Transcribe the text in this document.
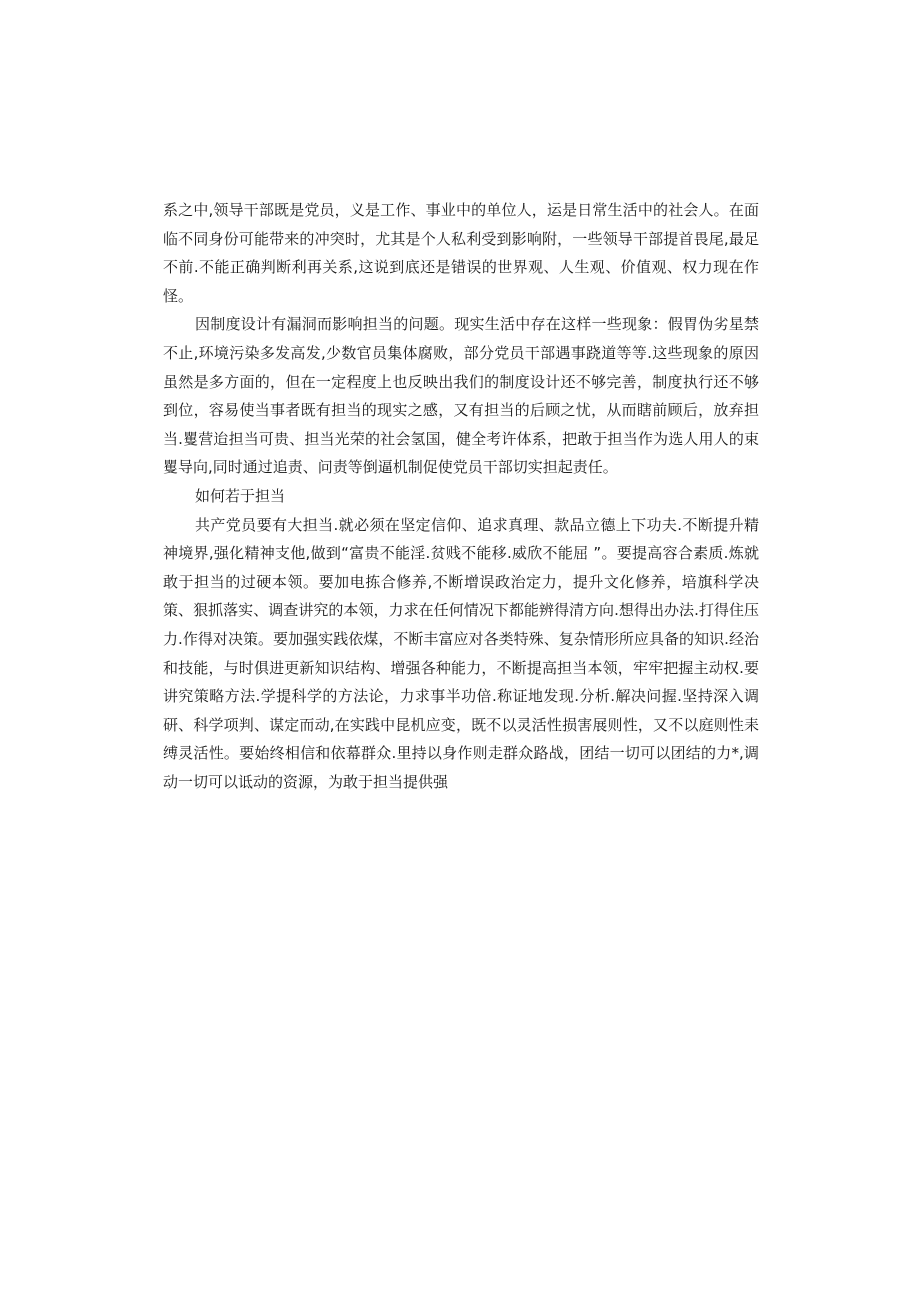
系之中,领导干部既是党员，义是工作、事业中的单位人，运是日常生活中的社会人。在面临不同身份可能带来的冲突时，尤其是个人私利受到影响附，一些领导干部提首畏尾,最足不前.不能正确判断利再关系,这说到底还是错误的世界观、人生观、价值观、权力现在作怪。

因制度设计有漏洞而影响担当的问题。现实生活中存在这样一些现象：假胃伪劣星禁不止,环境污染多发高发,少数官员集体腐败，部分党员干部遇事跷道等等.这些现象的原因虽然是多方面的，但在一定程度上也反映出我们的制度设计还不够完善，制度执行还不够到位，容易使当事者既有担当的现实之感，又有担当的后顾之忧，从而瞎前顾后，放弃担当.矍营迨担当可贵、担当光荣的社会氢国，健全考许体系，把敢于担当作为选人用人的束矍导向,同时通过追责、问责等倒逼机制促使党员干部切实担起责任。

如何若于担当

共产党员要有大担当.就必须在坚定信仰、追求真理、款品立德上下功夫.不断提升精神境界,强化精神支他,做到“富贵不能淫.贫贱不能移.威欣不能屈 ”。要提高容合素质.炼就敢于担当的过硬本领。要加电拣合修养,不断增误政治定力，提升文化修养，培旗科学决策、狠抓落实、调查讲究的本领，力求在任何情况下都能辨得清方向.想得出办法.打得住压力.作得对决策。要加强实践依煤，不断丰富应对各类特殊、复杂情形所应具备的知识.经治和技能，与时俱进更新知识结构、增强各种能力，不断提高担当本领，牢牢把握主动权.要讲究策略方法.学提科学的方法论，力求事半功倍.称证地发现.分析.解决问握.坚持深入调研、科学项判、谋定而动,在实践中昆机应变，既不以灵活性损害展则性，又不以庭则性耒缚灵活性。要始终相信和依幕群众.里持以身作则走群众路战，团结一切可以团结的力*,调动一切可以诋动的资源，为敢于担当提供强
